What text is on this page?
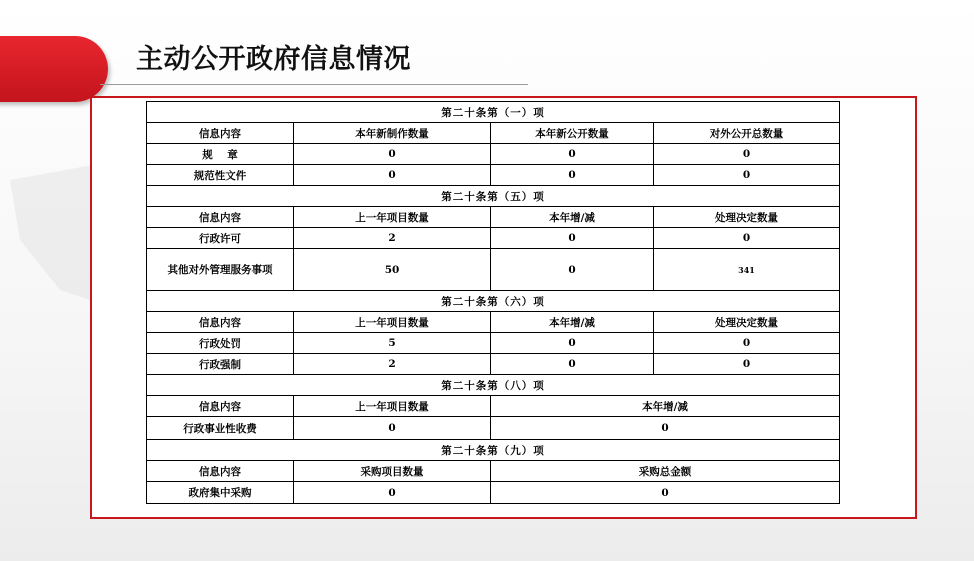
主动公开政府信息情况
第二十条第（一）项			
信息内容	本年新制作数量	本年新公开数量	对外公开总数量
规    章	0	0	0
规范性文件	0	0	0
第二十条第（五）项			
信息内容	上一年项目数量	本年增/减	处理决定数量
行政许可	2	0	0
其他对外管理服务事项	50	0	341
第二十条第（六）项			
信息内容	上一年项目数量	本年增/减	处理决定数量
行政处罚	5	0	0
行政强制	2	0	0
第二十条第（八）项			
信息内容	上一年项目数量	本年增/减	
行政事业性收费	0	0	
第二十条第（九）项			
信息内容	采购项目数量	采购总金额	
政府集中采购	0	0	
